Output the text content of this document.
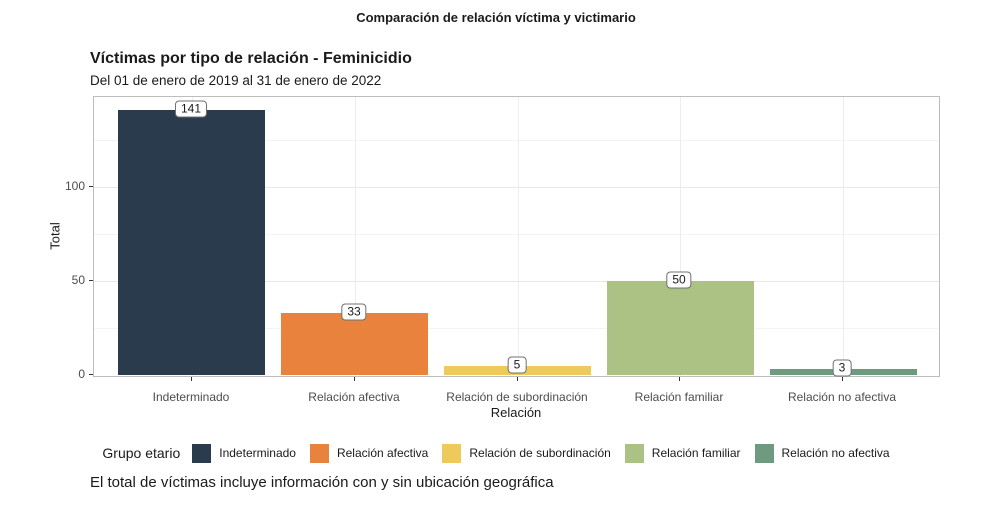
Comparación de relación víctima y victimario
Víctimas por tipo de relación - Feminicidio
Del 01 de enero de 2019 al 31 de enero de 2022
Total
Relación
Grupo etario	Indeterminado	Relación afectiva	Relación de subordinación	Relación familiar	Relación no afectiva
El total de víctimas incluye información con y sin ubicación geográfica
141
33
5
50
3
Indeterminado	Relación afectiva	Relación de subordinación	Relación familiar	Relación no afectiva
0
50
100
